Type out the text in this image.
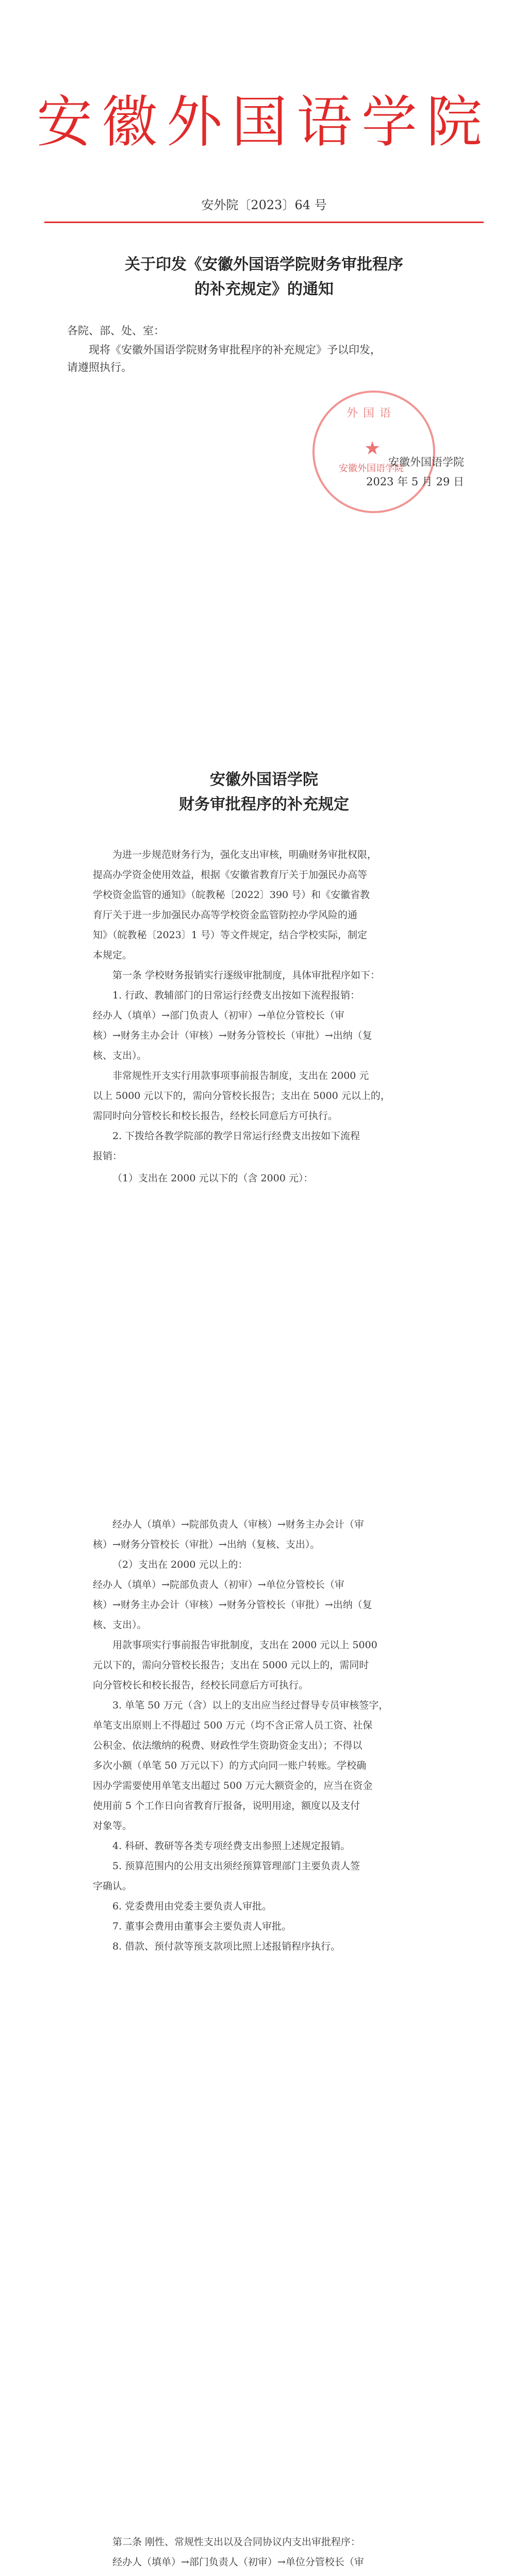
安徽外国语学院
安外院〔2023〕64 号
关于印发《安徽外国语学院财务审批程序
的补充规定》的通知
各院、部、处、室：
现将《安徽外国语学院财务审批程序的补充规定》予以印发，
请遵照执行。
外国语
★
安徽外国语学院
安徽外国语学院
2023 年 5 月 29 日
安徽外国语学院
财务审批程序的补充规定
为进一步规范财务行为，强化支出审核，明确财务审批权限，
提高办学资金使用效益，根据《安徽省教育厅关于加强民办高等
学校资金监管的通知》（皖教秘〔2022〕390 号）和《安徽省教
育厅关于进一步加强民办高等学校资金监管防控办学风险的通
知》（皖教秘〔2023〕1 号）等文件规定，结合学校实际，制定
本规定。
第一条 学校财务报销实行逐级审批制度，具体审批程序如下：
1. 行政、教辅部门的日常运行经费支出按如下流程报销：
经办人（填单）→部门负责人（初审）→单位分管校长（审
核）→财务主办会计（审核）→财务分管校长（审批）→出纳（复
核、支出）。
非常规性开支实行用款事项事前报告制度，支出在 2000 元
以上 5000 元以下的，需向分管校长报告；支出在 5000 元以上的，
需同时向分管校长和校长报告，经校长同意后方可执行。
2. 下拨给各教学院部的教学日常运行经费支出按如下流程
报销：
（1）支出在 2000 元以下的（含 2000 元）：
经办人（填单）→院部负责人（审核）→财务主办会计（审
核）→财务分管校长（审批）→出纳（复核、支出）。
（2）支出在 2000 元以上的：
经办人（填单）→院部负责人（初审）→单位分管校长（审
核）→财务主办会计（审核）→财务分管校长（审批）→出纳（复
核、支出）。
用款事项实行事前报告审批制度，支出在 2000 元以上 5000
元以下的，需向分管校长报告；支出在 5000 元以上的，需同时
向分管校长和校长报告，经校长同意后方可执行。
3. 单笔 50 万元（含）以上的支出应当经过督导专员审核签字，
单笔支出原则上不得超过 500 万元（均不含正常人员工资、社保
公积金、依法缴纳的税费、财政性学生资助资金支出）；不得以
多次小额（单笔 50 万元以下）的方式向同一账户转账。学校确
因办学需要使用单笔支出超过 500 万元大额资金的，应当在资金
使用前 5 个工作日向省教育厅报备，说明用途，额度以及支付
对象等。
4. 科研、教研等各类专项经费支出参照上述规定报销。
5. 预算范围内的公用支出须经预算管理部门主要负责人签
字确认。
6. 党委费用由党委主要负责人审批。
7. 董事会费用由董事会主要负责人审批。
8. 借款、预付款等预支款项比照上述报销程序执行。
第二条 刚性、常规性支出以及合同协议内支出审批程序：
经办人（填单）→部门负责人（初审）→单位分管校长（审
